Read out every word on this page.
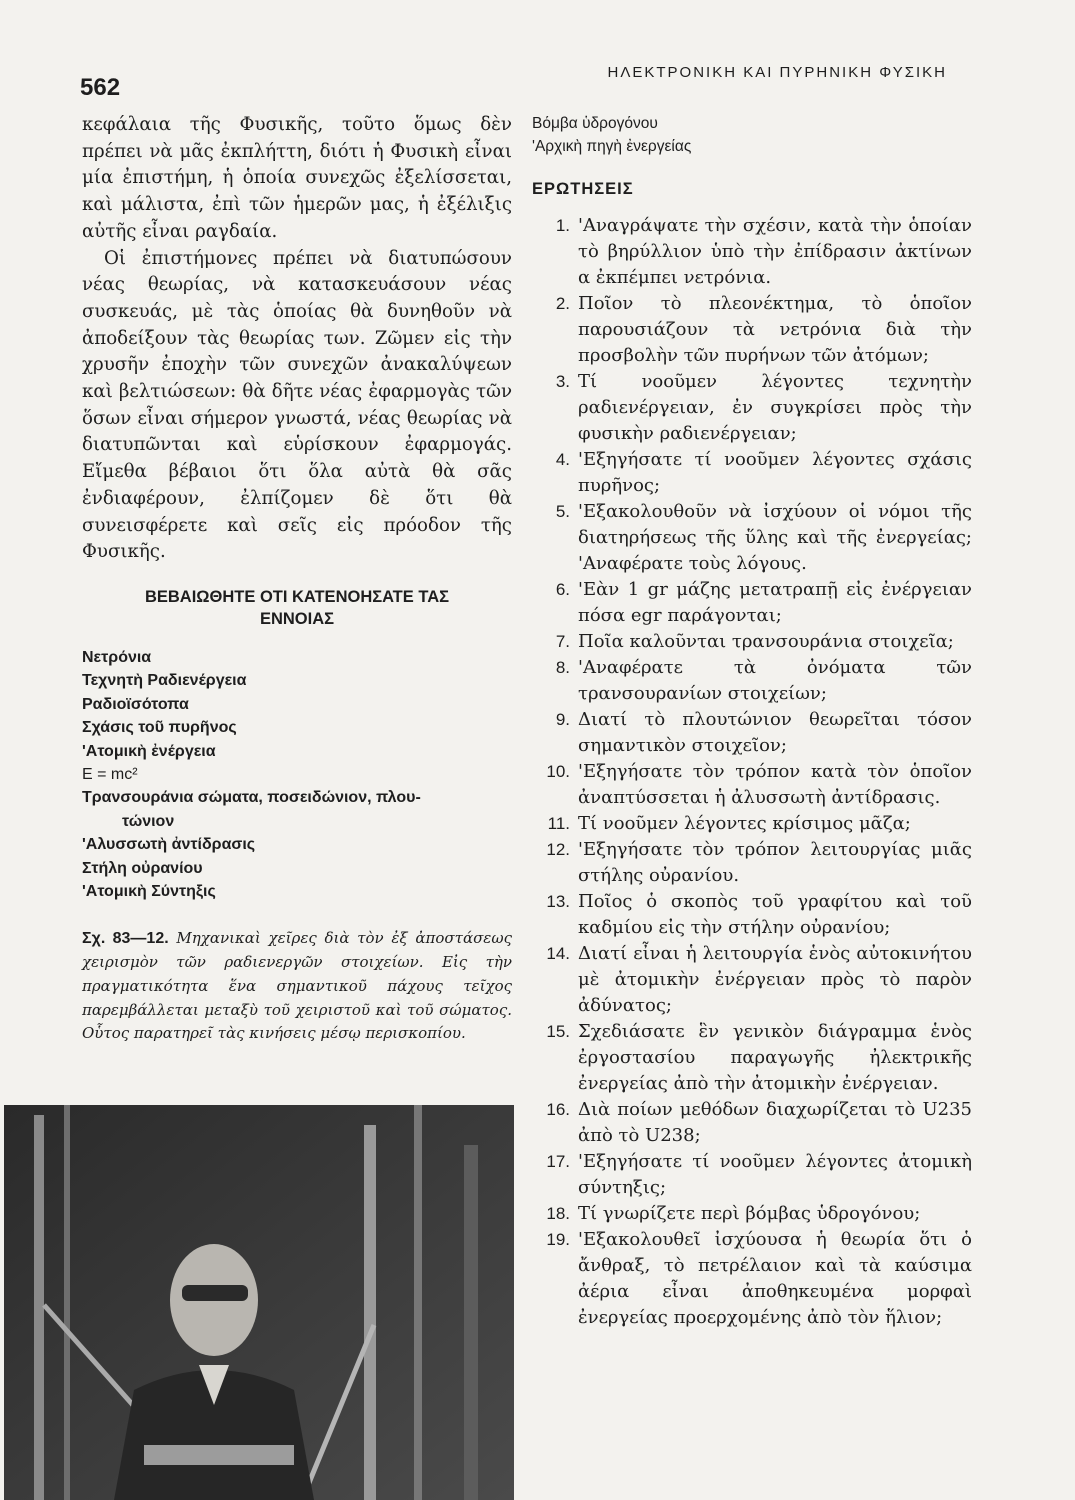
562
ΗΛΕΚΤΡΟΝΙΚΗ ΚΑΙ ΠΥΡΗΝΙΚΗ ΦΥΣΙΚΗ
κεφάλαια τῆς Φυσικῆς, τοῦτο ὅμως δὲν πρέπει νὰ μᾶς ἐκπλήττη, διότι ἡ Φυσικὴ εἶναι μία ἐπιστήμη, ἡ ὁποία συνεχῶς ἐξελίσσεται, καὶ μάλιστα, ἐπὶ τῶν ἡμερῶν μας, ἡ ἐξέλιξις αὐτῆς εἶναι ραγδαία.
Οἱ ἐπιστήμονες πρέπει νὰ διατυπώσουν νέας θεωρίας, νὰ κατασκευάσουν νέας συσκευάς, μὲ τὰς ὁποίας θὰ δυνηθοῦν νὰ ἀποδείξουν τὰς θεωρίας των. Ζῶμεν εἰς τὴν χρυσῆν ἐποχὴν τῶν συνεχῶν ἀνακαλύψεων καὶ βελτιώσεων: θὰ δῆτε νέας ἐφαρμογὰς τῶν ὅσων εἶναι σήμερον γνωστά, νέας θεωρίας νὰ διατυπῶνται καὶ εὑρίσκουν ἐφαρμογάς. Εἴμεθα βέβαιοι ὅτι ὅλα αὐτὰ θὰ σᾶς ἐνδιαφέρουν, ἐλπίζομεν δὲ ὅτι θὰ συνεισφέρετε καὶ σεῖς εἰς πρόοδον τῆς Φυσικῆς.
ΒΕΒΑΙΩΘΗΤΕ ΟΤΙ ΚΑΤΕΝΟΗΣΑΤΕ ΤΑΣ
ΕΝΝΟΙΑΣ
Νετρόνια
Τεχνητὴ Ραδιενέργεια
Ραδιοϊσότοπα
Σχάσις τοῦ πυρῆνος
'Ατομικὴ ἐνέργεια
E = mc²
Τρανσουράνια σώματα, ποσειδώνιον, πλου-
τώνιον
'Αλυσσωτὴ ἀντίδρασις
Στήλη οὐρανίου
'Ατομικὴ Σύντηξις
Σχ. 83—12. Μηχανικαὶ χεῖρες διὰ τὸν ἐξ ἀποστάσεως χειρισμὸν τῶν ραδιενεργῶν στοιχείων. Εἰς τὴν πραγματικότητα ἕνα σημαντικοῦ πάχους τεῖχος παρεμβάλλεται μεταξὺ τοῦ χειριστοῦ καὶ τοῦ σώματος. Οὗτος παρατηρεῖ τὰς κινήσεις μέσῳ περισκοπίου.

Βόμβα ὑδρογόνου

'Αρχικὴ πηγὴ ἐνεργείας

ΕΡΩΤΗΣΕΙΣ
1. 'Αναγράψατε τὴν σχέσιν, κατὰ τὴν ὁποίαν τὸ βηρύλλιον ὑπὸ τὴν ἐπίδρασιν ἀκτίνων α ἐκπέμπει νετρόνια.
2. Ποῖον τὸ πλεονέκτημα, τὸ ὁποῖον παρουσιάζουν τὰ νετρόνια διὰ τὴν προσβολὴν τῶν πυρήνων τῶν ἀτόμων;
3. Τί νοοῦμεν λέγοντες τεχνητὴν ραδιενέργειαν, ἐν συγκρίσει πρὸς τὴν φυσικὴν ραδιενέργειαν;
4. 'Εξηγήσατε τί νοοῦμεν λέγοντες σχάσις πυρῆνος;
5. 'Εξακολουθοῦν νὰ ἰσχύουν οἱ νόμοι τῆς διατηρήσεως τῆς ὕλης καὶ τῆς ἐνεργείας; 'Αναφέρατε τοὺς λόγους.
6. 'Εὰν 1 gr μάζης μετατραπῇ εἰς ἐνέργειαν πόσα egr παράγονται;
7. Ποῖα καλοῦνται τρανσουράνια στοιχεῖα;
8. 'Αναφέρατε τὰ ὀνόματα τῶν τρανσουρανίων στοιχείων;
9. Διατί τὸ πλουτώνιον θεωρεῖται τόσον σημαντικὸν στοιχεῖον;
10. 'Εξηγήσατε τὸν τρόπον κατὰ τὸν ὁποῖον ἀναπτύσσεται ἡ ἀλυσσωτὴ ἀντίδρασις.
11. Τί νοοῦμεν λέγοντες κρίσιμος μᾶζα;
12. 'Εξηγήσατε τὸν τρόπον λειτουργίας μιᾶς στήλης οὐρανίου.
13. Ποῖος ὁ σκοπὸς τοῦ γραφίτου καὶ τοῦ καδμίου εἰς τὴν στήλην οὐρανίου;
14. Διατί εἶναι ἡ λειτουργία ἑνὸς αὐτοκινήτου μὲ ἀτομικὴν ἐνέργειαν πρὸς τὸ παρὸν ἀδύνατος;
15. Σχεδιάσατε ἓν γενικὸν διάγραμμα ἑνὸς ἐργοστασίου παραγωγῆς ἠλεκτρικῆς ἐνεργείας ἀπὸ τὴν ἀτομικὴν ἐνέργειαν.
16. Διὰ ποίων μεθόδων διαχωρίζεται τὸ U235 ἀπὸ τὸ U238;
17. 'Εξηγήσατε τί νοοῦμεν λέγοντες ἀτομικὴ σύντηξις;
18. Τί γνωρίζετε περὶ βόμβας ὑδρογόνου;
19. 'Εξακολουθεῖ ἰσχύουσα ἡ θεωρία ὅτι ὁ ἄνθραξ, τὸ πετρέλαιον καὶ τὰ καύσιμα ἀέρια εἶναι ἀποθηκευμένα μορφαὶ ἐνεργείας προερχομένης ἀπὸ τὸν ἥλιον;
